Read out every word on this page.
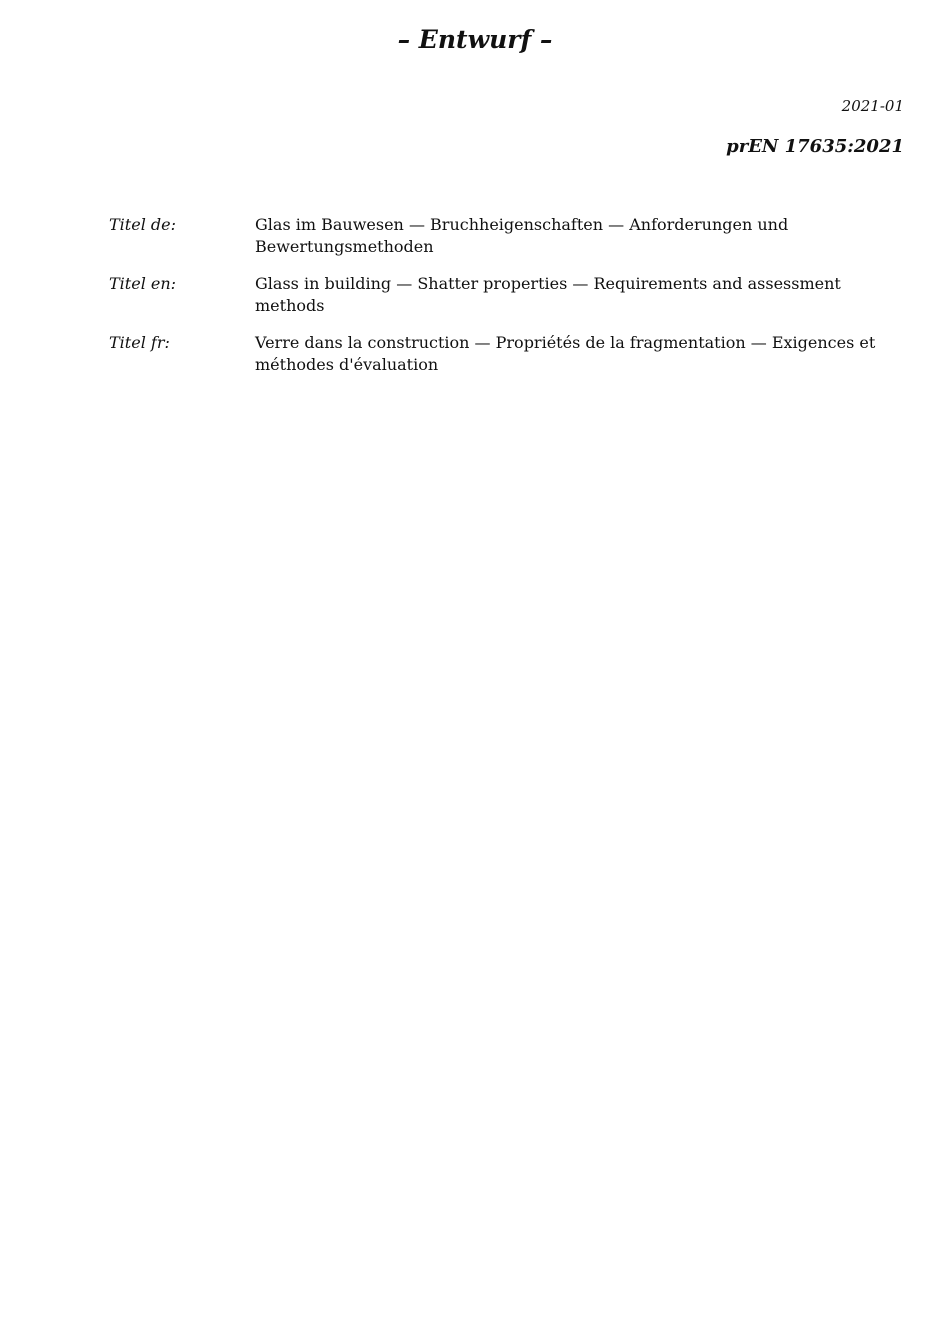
– Entwurf –
2021-01
prEN 17635:2021
Titel de:	Glas im Bauwesen — Bruchheigenschaften — Anforderungen und Bewertungsmethoden
Titel en:	Glass in building — Shatter properties — Requirements and assessment methods
Titel fr:	Verre dans la construction — Propriétés de la fragmentation — Exigences et méthodes d'évaluation
